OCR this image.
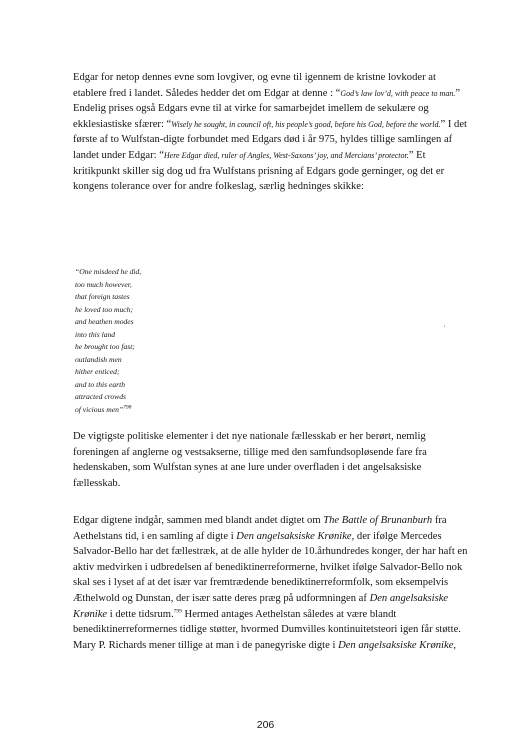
Edgar for netop dennes evne som lovgiver, og evne til igennem de kristne lovkoder at etablere fred i landet. Således hedder det om Edgar at denne : “God’s law lov’d, with peace to man.” Endelig prises også Edgars evne til at virke for samarbejdet imellem de sekulære og ekklesiastiske sfærer: “Wisely he sought, in council oft, his people’s good, before his God, before the world.” I det første af to Wulfstan-digte forbundet med Edgars død i år 975, hyldes tillige samlingen af landet under Edgar: “Here Edgar died, ruler of Angles, West-Saxons’ joy, and Mercians’ protector.” Et kritikpunkt skiller sig dog ud fra Wulfstans prisning af Edgars gode gerninger, og det er kongens tolerance over for andre folkeslag, særlig hedninges skikke:

“One misdeed he did,
too much however,
that foreign tastes
he loved too much;
and heathen modes
into this land
he brought too fast;
outlandish men
hither enticed;
and to this earth
attracted crowds
of vicious men”$^{798}$

De vigtigste politiske elementer i det nye nationale fællesskab er her berørt, nemlig foreningen af anglerne og vestsakserne, tillige med den samfundsopløsende fare fra hedenskaben, som Wulfstan synes at ane lure under overfladen i det angelsaksiske fællesskab.

Edgar digtene indgår, sammen med blandt andet digtet om The Battle of Brunanburh fra Aethelstans tid, i en samling af digte i Den angelsaksiske Krønike, der ifølge Mercedes Salvador-Bello har det fællestræk, at de alle hylder de 10.århundredes konger, der har haft en aktiv medvirken i udbredelsen af benediktinerreformerne, hvilket ifølge Salvador-Bello nok skal ses i lyset af at det især var fremtrædende benediktinerreformfolk, som eksempelvis Æthelwold og Dunstan, der især satte deres præg på udformningen af Den angelsaksiske Krønike i dette tidsrum.$^{799}$ Hermed antages Aethelstan således at være blandt benediktinerreformernes tidlige støtter, hvormed Dumvilles kontinuitetsteori igen får støtte. Mary P. Richards mener tillige at man i de panegyriske digte i Den angelsaksiske Krønike,

206
